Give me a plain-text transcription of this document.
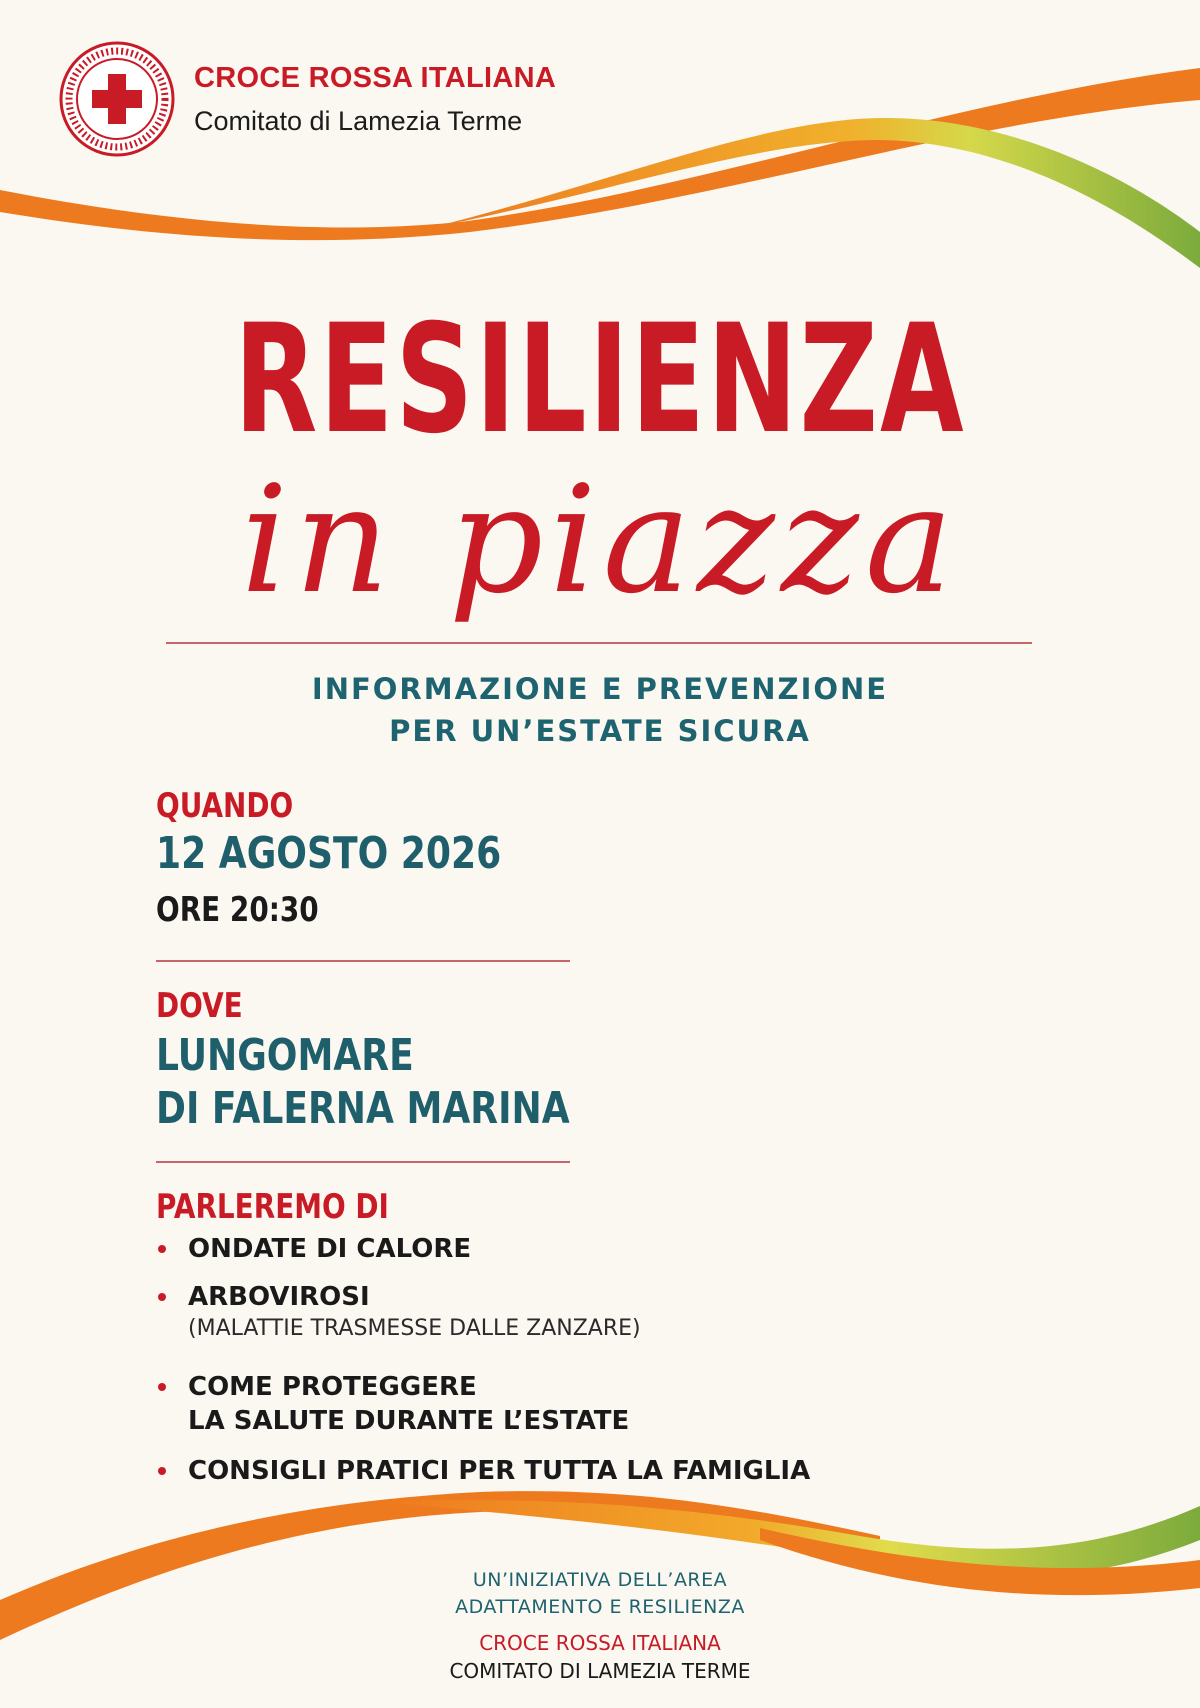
CROCE ROSSA ITALIANA
Comitato di Lamezia Terme
RESILIENZA
in piazza
INFORMAZIONE E PREVENZIONE
PER UN’ESTATE SICURA
QUANDO
12 AGOSTO 2026
ORE 20:30
DOVE
LUNGOMARE
DI FALERNA MARINA
PARLEREMO DI
ONDATE DI CALORE
ARBOVIROSI
(MALATTIE TRASMESSE DALLE ZANZARE)
COME PROTEGGERE
LA SALUTE DURANTE L’ESTATE
CONSIGLI PRATICI PER TUTTA LA FAMIGLIA
UN’INIZIATIVA DELL’AREA
ADATTAMENTO E RESILIENZA
CROCE ROSSA ITALIANA
COMITATO DI LAMEZIA TERME
